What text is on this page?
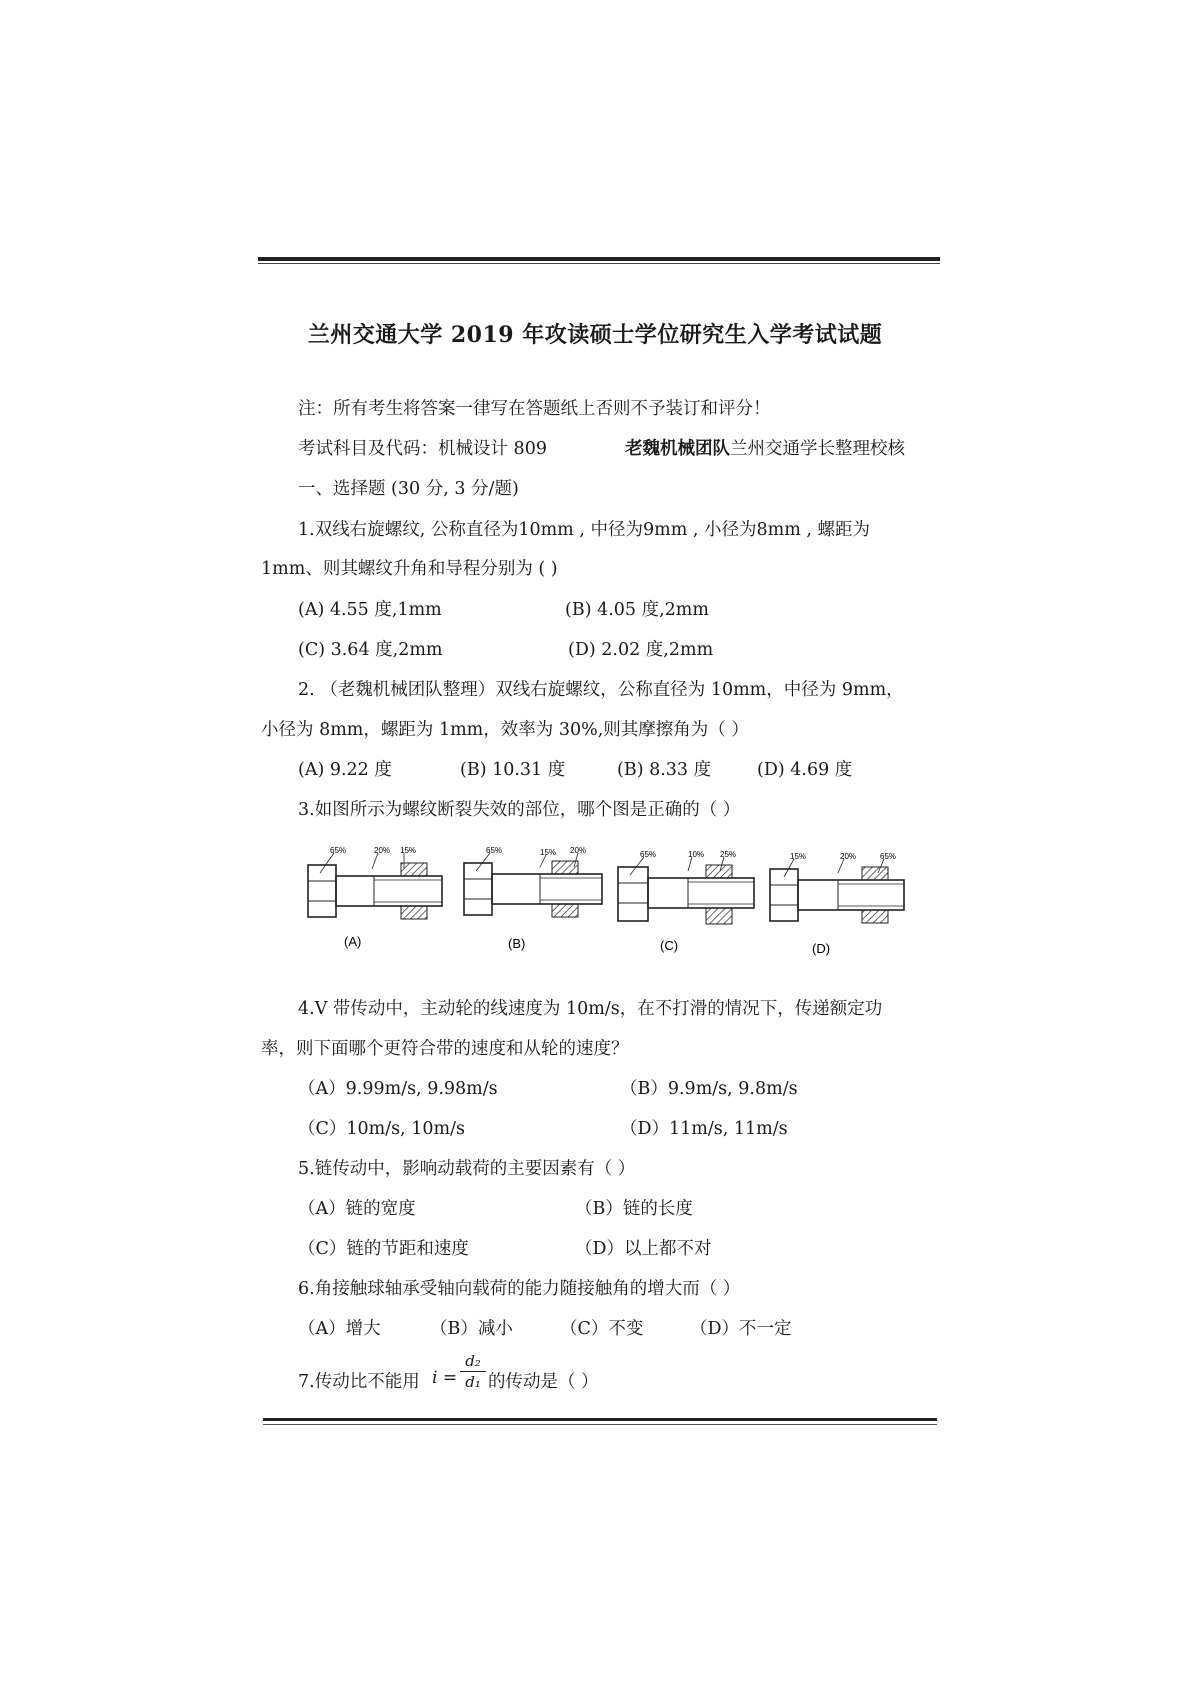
兰州交通大学 2019 年攻读硕士学位研究生入学考试试题
注：所有考生将答案一律写在答题纸上否则不予装订和评分！
考试科目及代码：机械设计 809	老魏机械团队兰州交通学长整理校核
一、选择题 (30 分, 3 分/题)
1.双线右旋螺纹, 公称直径为10mm , 中径为9mm , 小径为8mm , 螺距为
1mm、则其螺纹升角和导程分别为 ( )
(A) 4.55 度,1mm	(B) 4.05 度,2mm
(C) 3.64 度,2mm	(D) 2.02 度,2mm
2. （老魏机械团队整理）双线右旋螺纹，公称直径为 10mm，中径为 9mm，
小径为 8mm，螺距为 1mm，效率为 30%,则其摩擦角为（ ）
(A) 9.22 度	(B) 10.31 度	(B) 8.33 度	(D) 4.69 度
3.如图所示为螺纹断裂失效的部位，哪个图是正确的（ ）
65%	20% 15%
(A)
65%	15% 20%
(B)
65%	10% 25%
(C)
15%	20%	65%
(D)
4.V 带传动中，主动轮的线速度为 10m/s，在不打滑的情况下，传递额定功
率，则下面哪个更符合带的速度和从轮的速度？
（A）9.99m/s, 9.98m/s	（B）9.9m/s, 9.8m/s
（C）10m/s, 10m/s	（D）11m/s, 11m/s
5.链传动中，影响动载荷的主要因素有（ ）
（A）链的宽度	（B）链的长度
（C）链的节距和速度	（D）以上都不对
6.角接触球轴承受轴向载荷的能力随接触角的增大而（ ）
（A）增大	（B）减小	（C）不变	（D）不一定
7.传动比不能用 i =
d₂
d₁ 的传动是（ ）
